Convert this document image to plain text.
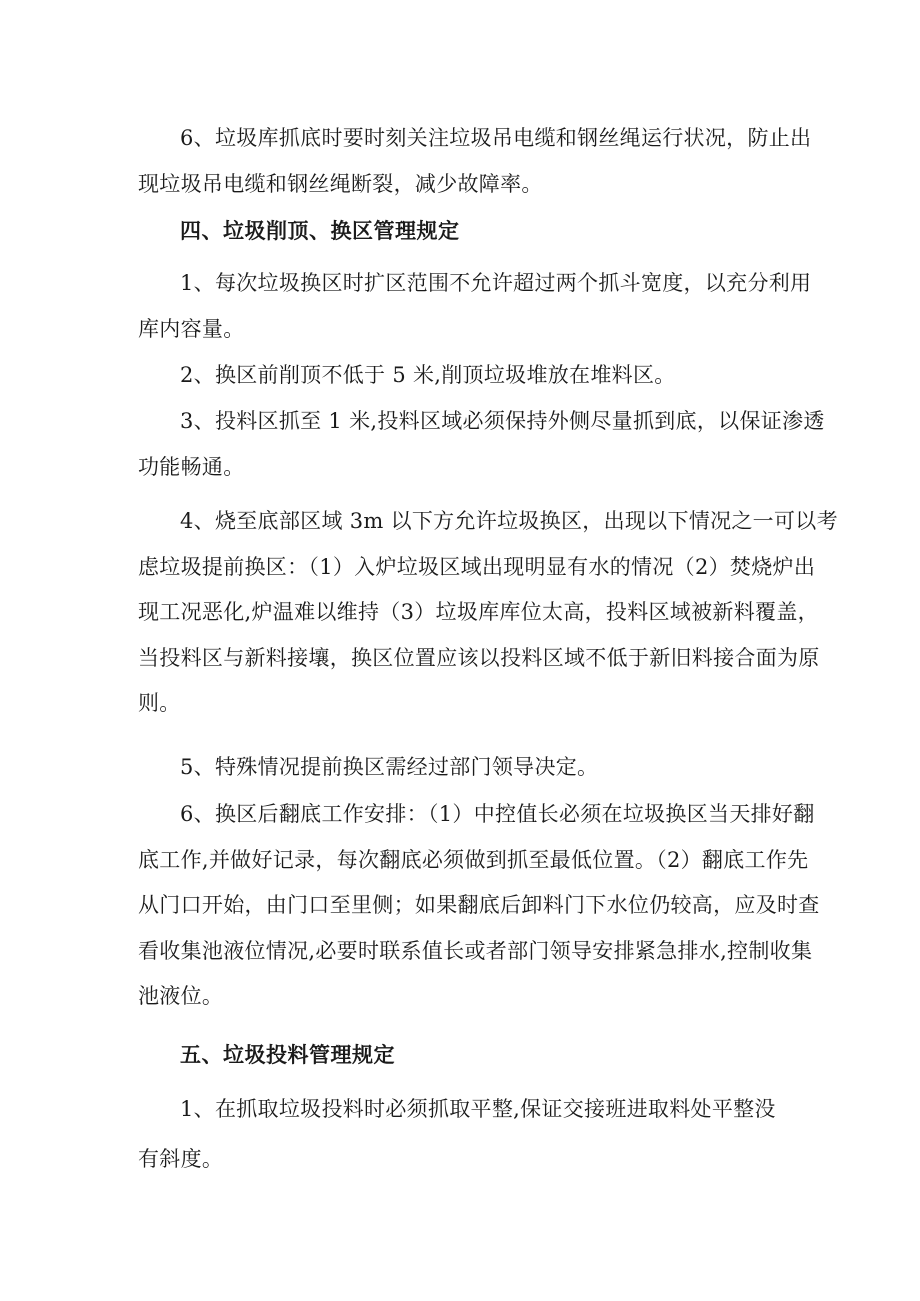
6、垃圾库抓底时要时刻关注垃圾吊电缆和钢丝绳运行状况，防止出
现垃圾吊电缆和钢丝绳断裂，减少故障率。
四、垃圾削顶、换区管理规定
1、每次垃圾换区时扩区范围不允许超过两个抓斗宽度，以充分利用
库内容量。
2、换区前削顶不低于 5 米,削顶垃圾堆放在堆料区。
3、投料区抓至 1 米,投料区域必须保持外侧尽量抓到底，以保证渗透
功能畅通。
4、烧至底部区域 3m 以下方允许垃圾换区，出现以下情况之一可以考
虑垃圾提前换区：（1）入炉垃圾区域出现明显有水的情况（2）焚烧炉出
现工况恶化,炉温难以维持（3）垃圾库库位太高，投料区域被新料覆盖，
当投料区与新料接壤，换区位置应该以投料区域不低于新旧料接合面为原
则。
5、特殊情况提前换区需经过部门领导决定。
6、换区后翻底工作安排：（1）中控值长必须在垃圾换区当天排好翻
底工作,并做好记录，每次翻底必须做到抓至最低位置。（2）翻底工作先
从门口开始，由门口至里侧；如果翻底后卸料门下水位仍较高，应及时查
看收集池液位情况,必要时联系值长或者部门领导安排紧急排水,控制收集
池液位。
五、垃圾投料管理规定
1、在抓取垃圾投料时必须抓取平整,保证交接班进取料处平整没
有斜度。
